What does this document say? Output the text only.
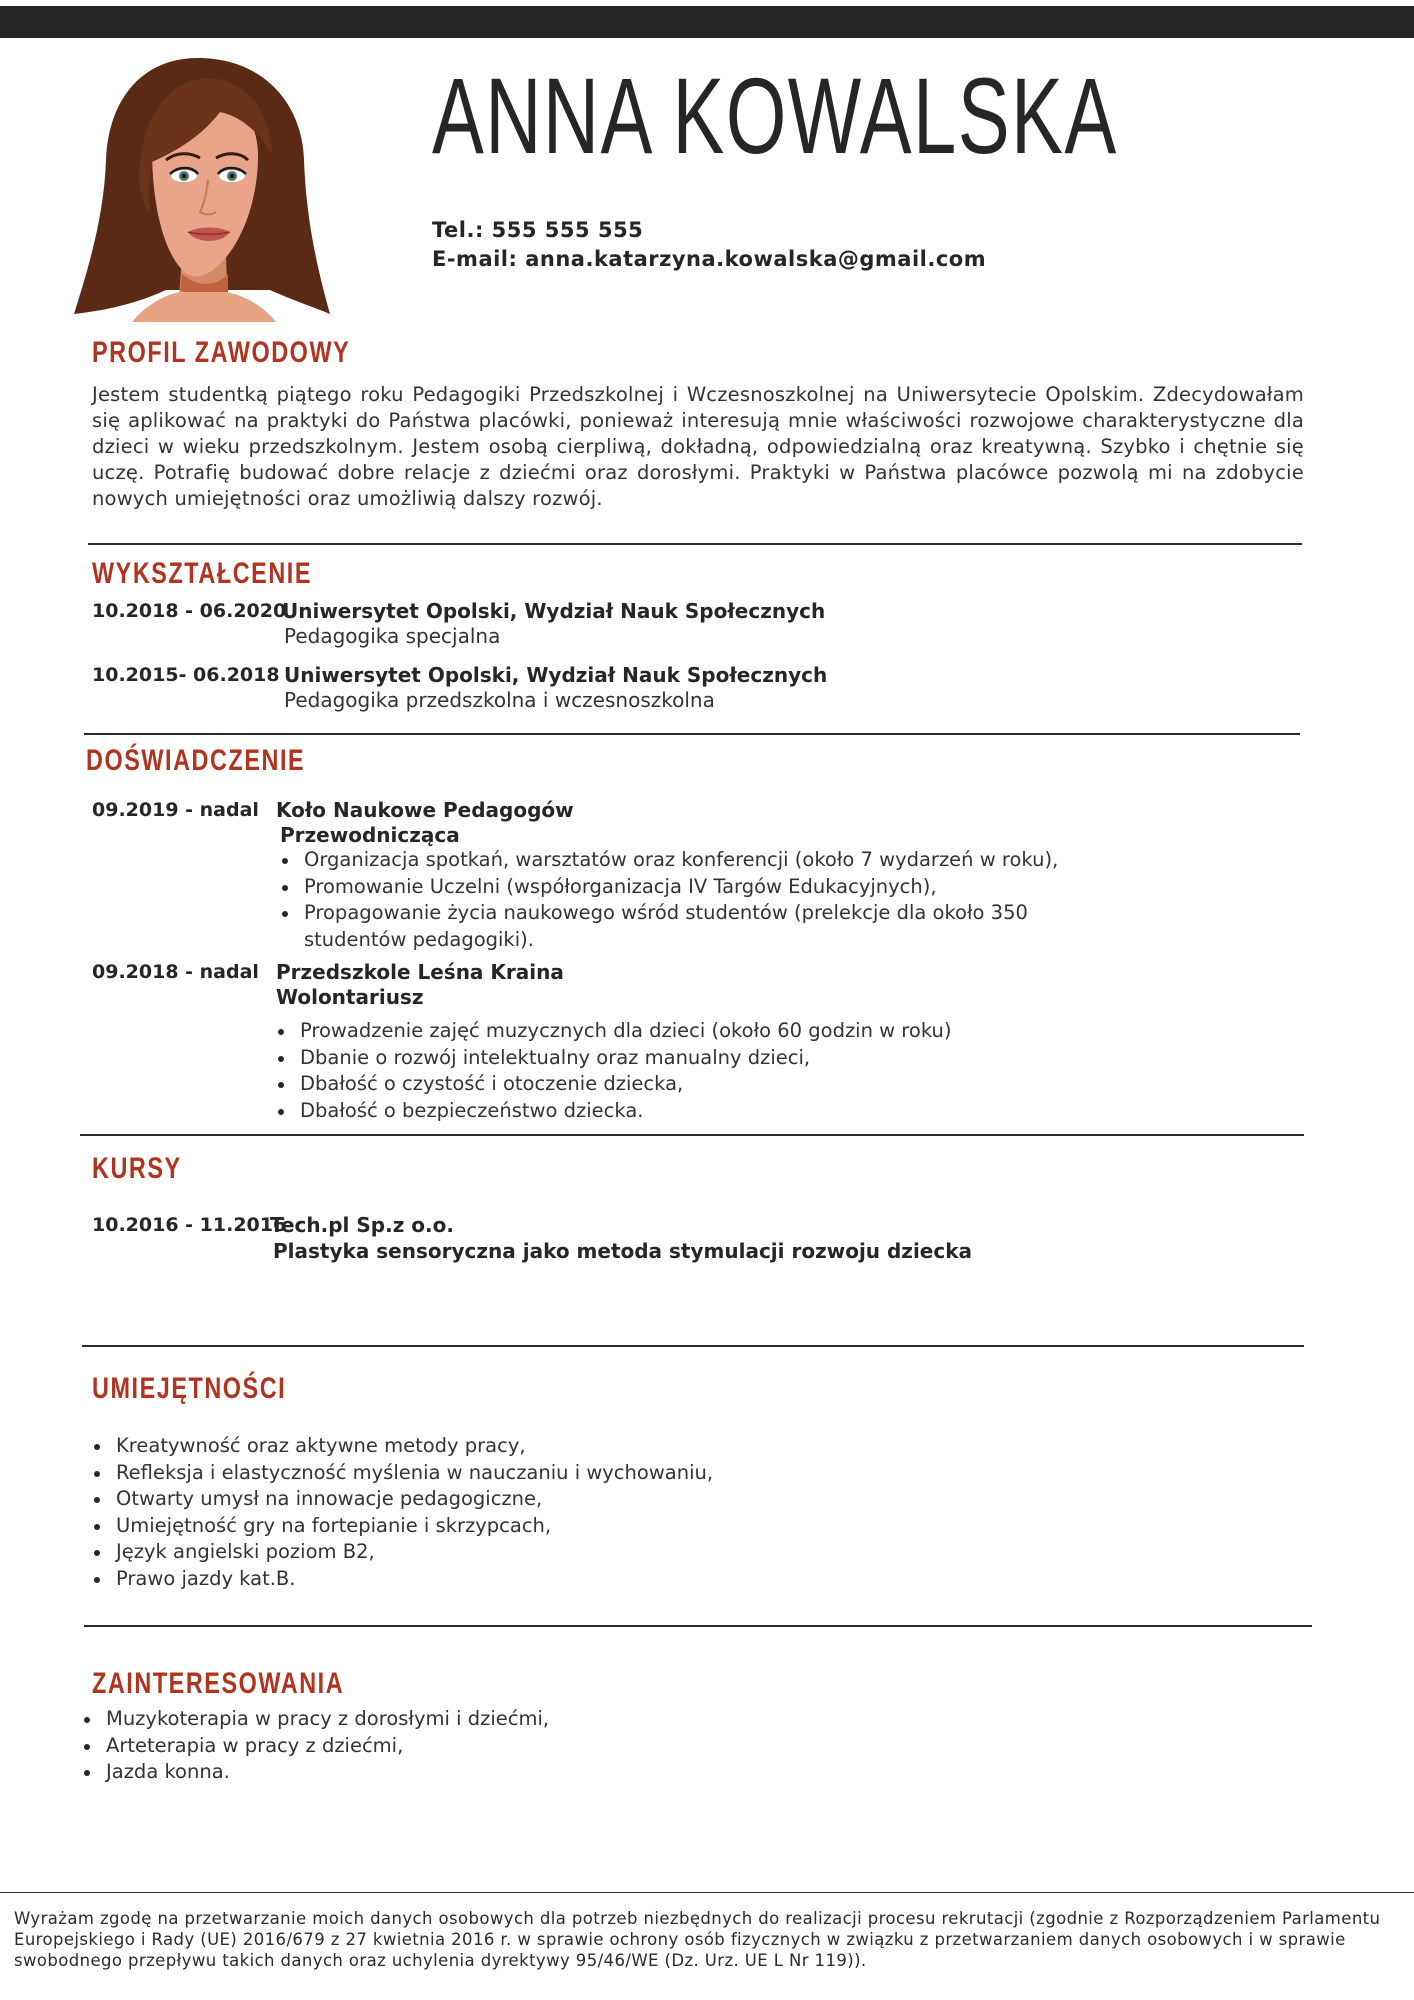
ANNA KOWALSKA
Tel.: 555 555 555
E-mail: anna.katarzyna.kowalska@gmail.com
PROFIL ZAWODOWY
Jestem studentką piątego roku Pedagogiki Przedszkolnej i Wczesnoszkolnej na Uniwersytecie Opolskim. Zdecydowałam się aplikować na praktyki do Państwa placówki, ponieważ interesują mnie właściwości rozwojowe charakterystyczne dla dzieci w wieku przedszkolnym. Jestem osobą cierpliwą, dokładną, odpowiedzialną oraz kreatywną. Szybko i chętnie się uczę. Potrafię budować dobre relacje z dziećmi oraz dorosłymi. Praktyki w Państwa placówce pozwolą mi na zdobycie nowych umiejętności oraz umożliwią dalszy rozwój.
WYKSZTAŁCENIE
10.2018 - 06.2020
Uniwersytet Opolski, Wydział Nauk Społecznych
Pedagogika specjalna
10.2015- 06.2018 Uniwersytet Opolski, Wydział Nauk Społecznych
Pedagogika przedszkolna i wczesnoszkolna
DOŚWIADCZENIE
09.2019 - nadal Koło Naukowe Pedagogów
Przewodnicząca
Organizacja spotkań, warsztatów oraz konferencji (około 7 wydarzeń w roku),
Promowanie Uczelni (współorganizacja IV Targów Edukacyjnych),
Propagowanie życia naukowego wśród studentów (prelekcje dla około 350 studentów pedagogiki).
09.2018 - nadal Przedszkole Leśna Kraina
Wolontariusz
Prowadzenie zajęć muzycznych dla dzieci (około 60 godzin w roku)
Dbanie o rozwój intelektualny oraz manualny dzieci,
Dbałość o czystość i otoczenie dziecka,
Dbałość o bezpieczeństwo dziecka.
KURSY
10.2016 - 11.2016
Tech.pl Sp.z o.o.
Plastyka sensoryczna jako metoda stymulacji rozwoju dziecka
UMIEJĘTNOŚCI
Kreatywność oraz aktywne metody pracy,
Refleksja i elastyczność myślenia w nauczaniu i wychowaniu,
Otwarty umysł na innowacje pedagogiczne,
Umiejętność gry na fortepianie i skrzypcach,
Język angielski poziom B2,
Prawo jazdy kat.B.
ZAINTERESOWANIA
Muzykoterapia w pracy z dorosłymi i dziećmi,
Arteterapia w pracy z dziećmi,
Jazda konna.
Wyrażam zgodę na przetwarzanie moich danych osobowych dla potrzeb niezbędnych do realizacji procesu rekrutacji (zgodnie z Rozporządzeniem Parlamentu Europejskiego i Rady (UE) 2016/679 z 27 kwietnia 2016 r. w sprawie ochrony osób fizycznych w związku z przetwarzaniem danych osobowych i w sprawie swobodnego przepływu takich danych oraz uchylenia dyrektywy 95/46/WE (Dz. Urz. UE L Nr 119)).
